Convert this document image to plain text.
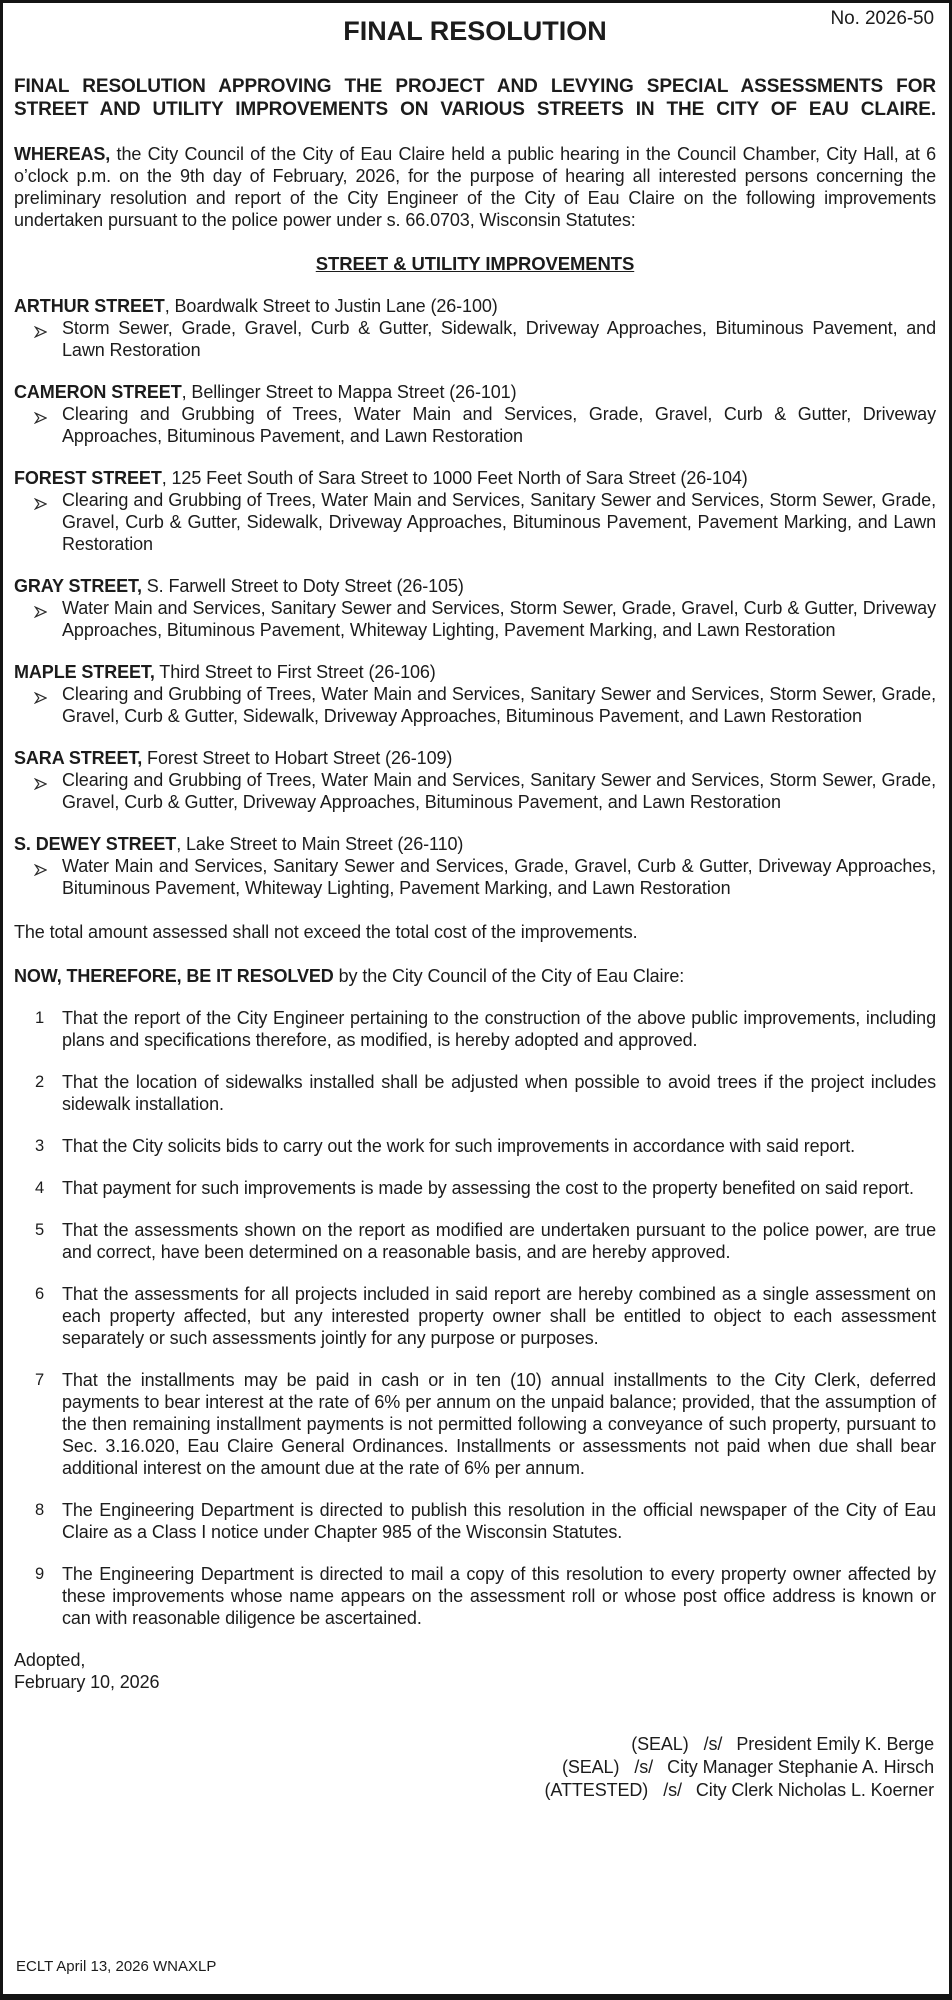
No. 2026-50
FINAL RESOLUTION
FINAL RESOLUTION APPROVING THE PROJECT AND LEVYING SPECIAL ASSESSMENTS FOR STREET AND UTILITY IMPROVEMENTS ON VARIOUS STREETS IN THE CITY OF EAU CLAIRE.
WHEREAS, the City Council of the City of Eau Claire held a public hearing in the Council Chamber, City Hall, at 6 o’clock p.m. on the 9th day of February, 2026, for the purpose of hearing all interested persons concerning the preliminary resolution and report of the City Engineer of the City of Eau Claire on the following improvements undertaken pursuant to the police power under s. 66.0703, Wisconsin Statutes:
STREET & UTILITY IMPROVEMENTS
ARTHUR STREET, Boardwalk Street to Justin Lane (26-100)
Storm Sewer, Grade, Gravel, Curb & Gutter, Sidewalk, Driveway Approaches, Bituminous Pavement, and Lawn Restoration
CAMERON STREET, Bellinger Street to Mappa Street (26-101)
Clearing and Grubbing of Trees, Water Main and Services, Grade, Gravel, Curb & Gutter, Driveway Approaches, Bituminous Pavement, and Lawn Restoration
FOREST STREET, 125 Feet South of Sara Street to 1000 Feet North of Sara Street (26-104)
Clearing and Grubbing of Trees, Water Main and Services, Sanitary Sewer and Services, Storm Sewer, Grade, Gravel, Curb & Gutter, Sidewalk, Driveway Approaches, Bituminous Pavement, Pavement Marking, and Lawn Restoration
GRAY STREET, S. Farwell Street to Doty Street (26-105)
Water Main and Services, Sanitary Sewer and Services, Storm Sewer, Grade, Gravel, Curb & Gutter, Driveway Approaches, Bituminous Pavement, Whiteway Lighting, Pavement Marking, and Lawn Restoration
MAPLE STREET, Third Street to First Street (26-106)
Clearing and Grubbing of Trees, Water Main and Services, Sanitary Sewer and Services, Storm Sewer, Grade, Gravel, Curb & Gutter, Sidewalk, Driveway Approaches, Bituminous Pavement, and Lawn Restoration
SARA STREET, Forest Street to Hobart Street (26-109)
Clearing and Grubbing of Trees, Water Main and Services, Sanitary Sewer and Services, Storm Sewer, Grade, Gravel, Curb & Gutter, Driveway Approaches, Bituminous Pavement, and Lawn Restoration
S. DEWEY STREET, Lake Street to Main Street (26-110)
Water Main and Services, Sanitary Sewer and Services, Grade, Gravel, Curb & Gutter, Driveway Approaches, Bituminous Pavement, Whiteway Lighting, Pavement Marking, and Lawn Restoration
The total amount assessed shall not exceed the total cost of the improvements.
NOW, THEREFORE, BE IT RESOLVED by the City Council of the City of Eau Claire:
1 That the report of the City Engineer pertaining to the construction of the above public improvements, including plans and specifications therefore, as modified, is hereby adopted and approved.
2 That the location of sidewalks installed shall be adjusted when possible to avoid trees if the project includes sidewalk installation.
3 That the City solicits bids to carry out the work for such improvements in accordance with said report.
4 That payment for such improvements is made by assessing the cost to the property benefited on said report.
5 That the assessments shown on the report as modified are undertaken pursuant to the police power, are true and correct, have been determined on a reasonable basis, and are hereby approved.
6 That the assessments for all projects included in said report are hereby combined as a single assessment on each property affected, but any interested property owner shall be entitled to object to each assessment separately or such assessments jointly for any purpose or purposes.
7 That the installments may be paid in cash or in ten (10) annual installments to the City Clerk, deferred payments to bear interest at the rate of 6% per annum on the unpaid balance; provided, that the assumption of the then remaining installment payments is not permitted following a conveyance of such property, pursuant to Sec. 3.16.020, Eau Claire General Ordinances. Installments or assessments not paid when due shall bear additional interest on the amount due at the rate of 6% per annum.
8 The Engineering Department is directed to publish this resolution in the official newspaper of the City of Eau Claire as a Class I notice under Chapter 985 of the Wisconsin Statutes.
9 The Engineering Department is directed to mail a copy of this resolution to every property owner affected by these improvements whose name appears on the assessment roll or whose post office address is known or can with reasonable diligence be ascertained.
Adopted,
February 10, 2026
(SEAL) /s/ President Emily K. Berge
(SEAL) /s/ City Manager Stephanie A. Hirsch
(ATTESTED) /s/ City Clerk Nicholas L. Koerner
ECLT April 13, 2026 WNAXLP
